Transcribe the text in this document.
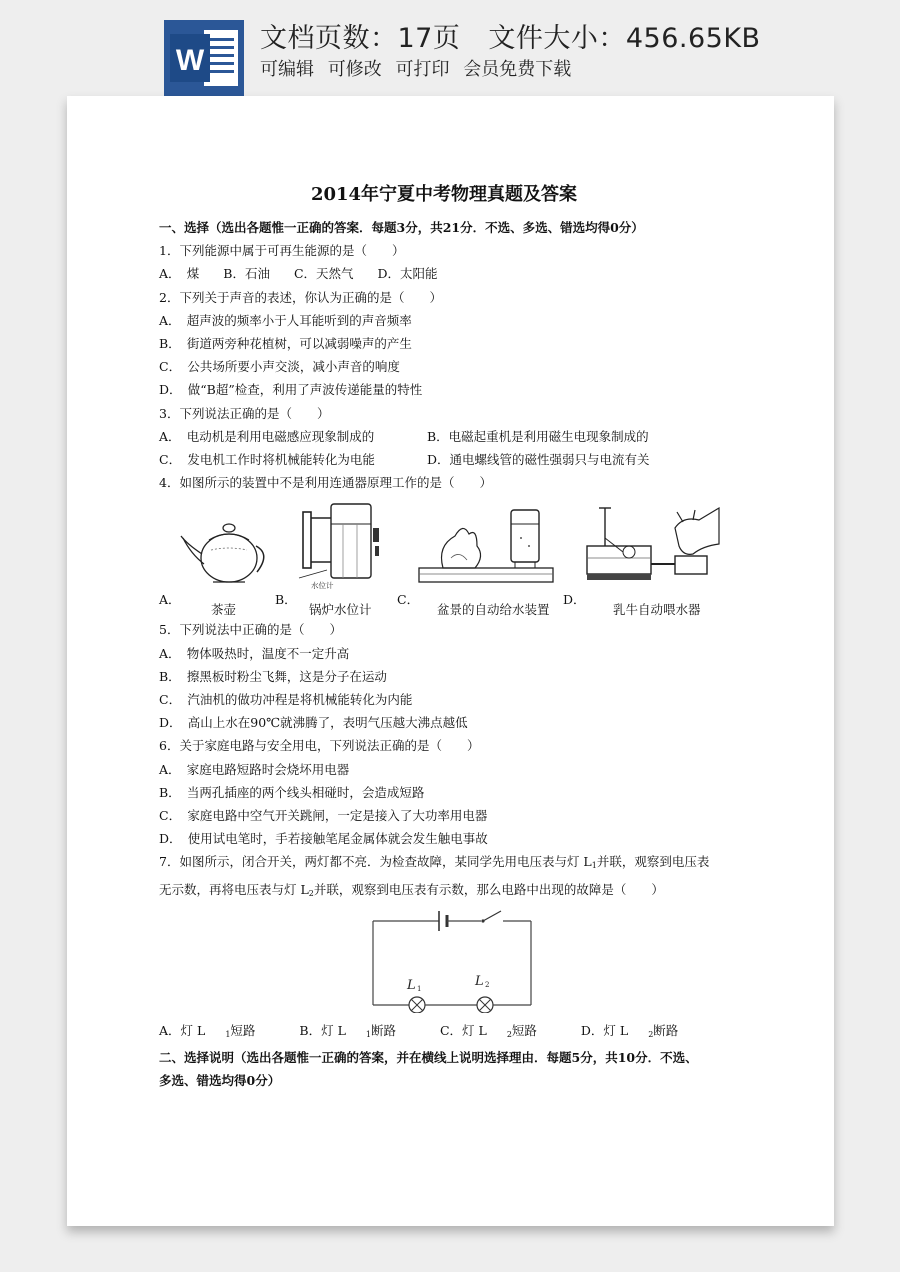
W
文档页数：17页 文件大小：456.65KB
可编辑 可修改 可打印 会员免费下载
2014年宁夏中考物理真题及答案
一、选择（选出各题惟一正确的答案．每题3分，共21分．不选、多选、错选均得0分）
1．下列能源中属于可再生能源的是（　　）
A．　煤 B．石油 C．天然气 D．太阳能
2．下列关于声音的表述，你认为正确的是（　　）
A．　超声波的频率小于人耳能听到的声音频率
B．　街道两旁种花植树，可以减弱噪声的产生
C．　公共场所要小声交淡，减小声音的响度
D．　做“B超”检查，利用了声波传递能量的特性
3．下列说法正确的是（　　）
A．　电动机是利用电磁感应现象制成的	B．电磁起重机是利用磁生电现象制成的
C．　发电机工作时将机械能转化为电能	D．通电螺线管的磁性强弱只与电流有关
4．如图所示的装置中不是利用连通器原理工作的是（　　）
A．
茶壶
B．
水位计
锅炉水位计
C．
盆景的自动给水装置
D．
乳牛自动喂水器
5．下列说法中正确的是（　　）
A．　物体吸热时，温度不一定升高
B．　擦黑板时粉尘飞舞，这是分子在运动
C．　汽油机的做功冲程是将机械能转化为内能
D．　高山上水在90℃就沸腾了，表明气压越大沸点越低
6．关于家庭电路与安全用电，下列说法正确的是（　　）
A．　家庭电路短路时会烧坏用电器
B．　当两孔插座的两个线头相碰时，会造成短路
C．　家庭电路中空气开关跳闸，一定是接入了大功率用电器
D．　使用试电笔时，手若接触笔尾金属体就会发生触电事故
7．如图所示，闭合开关，两灯都不亮．为检查故障，某同学先用电压表与灯 $L_1$并联，观察到电压表
无示数，再将电压表与灯 $L_2$并联，观察到电压表有示数，那么电路中出现的故障是（　　）
L 1	L 2
A．灯 L	$_1$短路	B．灯 L	$_1$断路	C．灯 L	$_2$短路	D．灯 L	$_2$断路
二、选择说明（选出各题惟一正确的答案，并在横线上说明选择理由．每题5分，共10分．不选、
多选、错选均得0分）
